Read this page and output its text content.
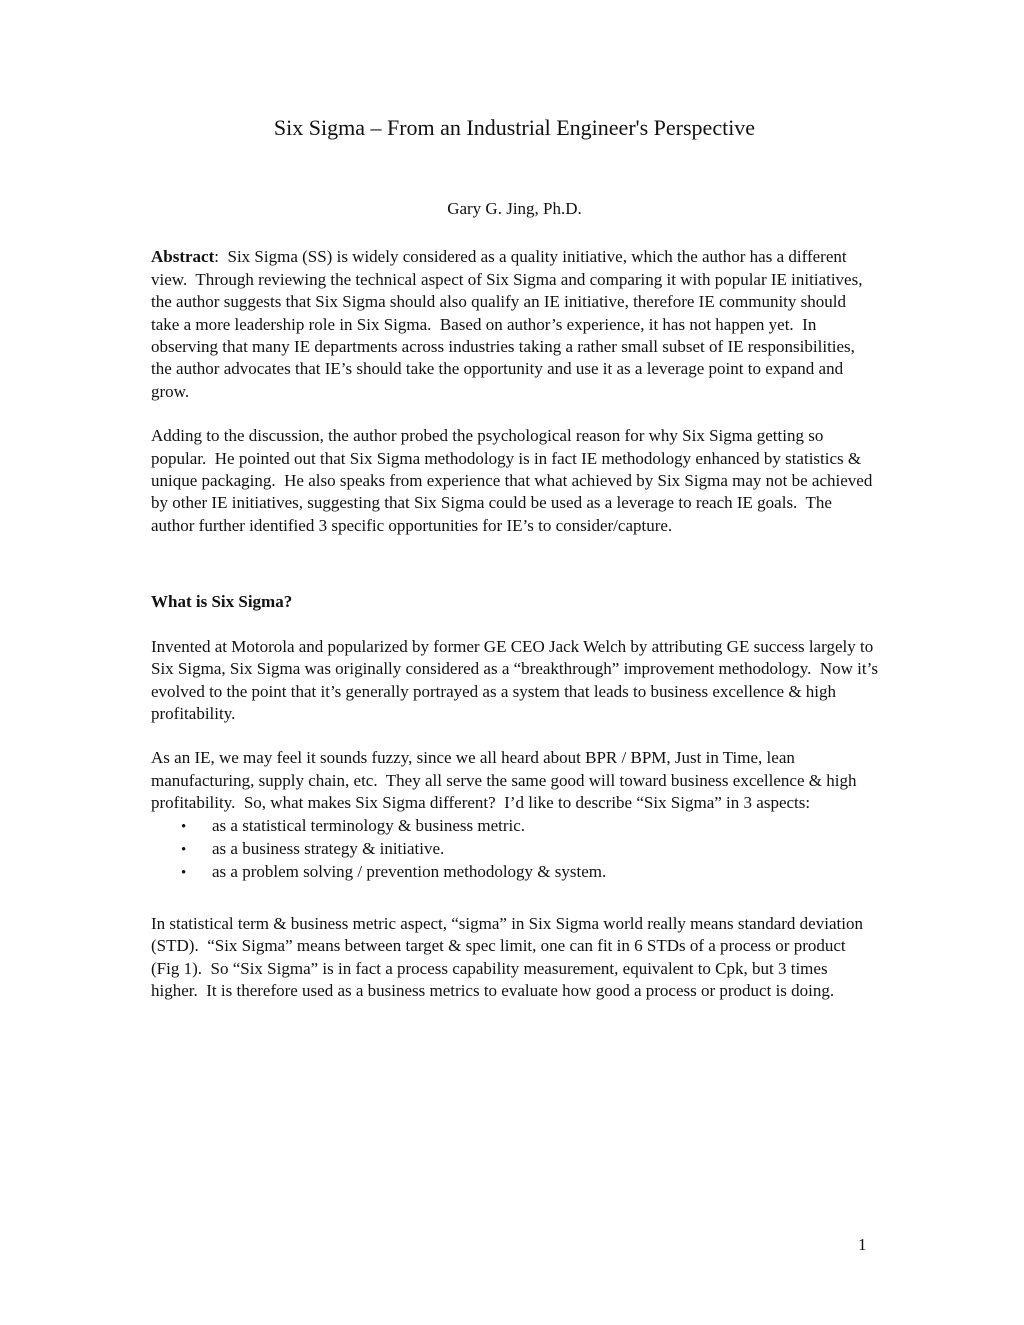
Six Sigma – From an Industrial Engineer's Perspective

Gary G. Jing, Ph.D.

Abstract:  Six Sigma (SS) is widely considered as a quality initiative, which the author has a different view.  Through reviewing the technical aspect of Six Sigma and comparing it with popular IE initiatives, the author suggests that Six Sigma should also qualify an IE initiative, therefore IE community should take a more leadership role in Six Sigma.  Based on author’s experience, it has not happen yet.  In observing that many IE departments across industries taking a rather small subset of IE responsibilities, the author advocates that IE’s should take the opportunity and use it as a leverage point to expand and grow.

Adding to the discussion, the author probed the psychological reason for why Six Sigma getting so popular.  He pointed out that Six Sigma methodology is in fact IE methodology enhanced by statistics & unique packaging.  He also speaks from experience that what achieved by Six Sigma may not be achieved by other IE initiatives, suggesting that Six Sigma could be used as a leverage to reach IE goals.  The author further identified 3 specific opportunities for IE’s to consider/capture.

What is Six Sigma?

Invented at Motorola and popularized by former GE CEO Jack Welch by attributing GE success largely to Six Sigma, Six Sigma was originally considered as a “breakthrough” improvement methodology.  Now it’s evolved to the point that it’s generally portrayed as a system that leads to business excellence & high profitability.

As an IE, we may feel it sounds fuzzy, since we all heard about BPR / BPM, Just in Time, lean manufacturing, supply chain, etc.  They all serve the same good will toward business excellence & high profitability.  So, what makes Six Sigma different?  I’d like to describe “Six Sigma” in 3 aspects:

•	as a statistical terminology & business metric.
•	as a business strategy & initiative.
•	as a problem solving / prevention methodology & system.

In statistical term & business metric aspect, “sigma” in Six Sigma world really means standard deviation (STD).  “Six Sigma” means between target & spec limit, one can fit in 6 STDs of a process or product (Fig 1).  So “Six Sigma” is in fact a process capability measurement, equivalent to Cpk, but 3 times higher.  It is therefore used as a business metrics to evaluate how good a process or product is doing.

1
